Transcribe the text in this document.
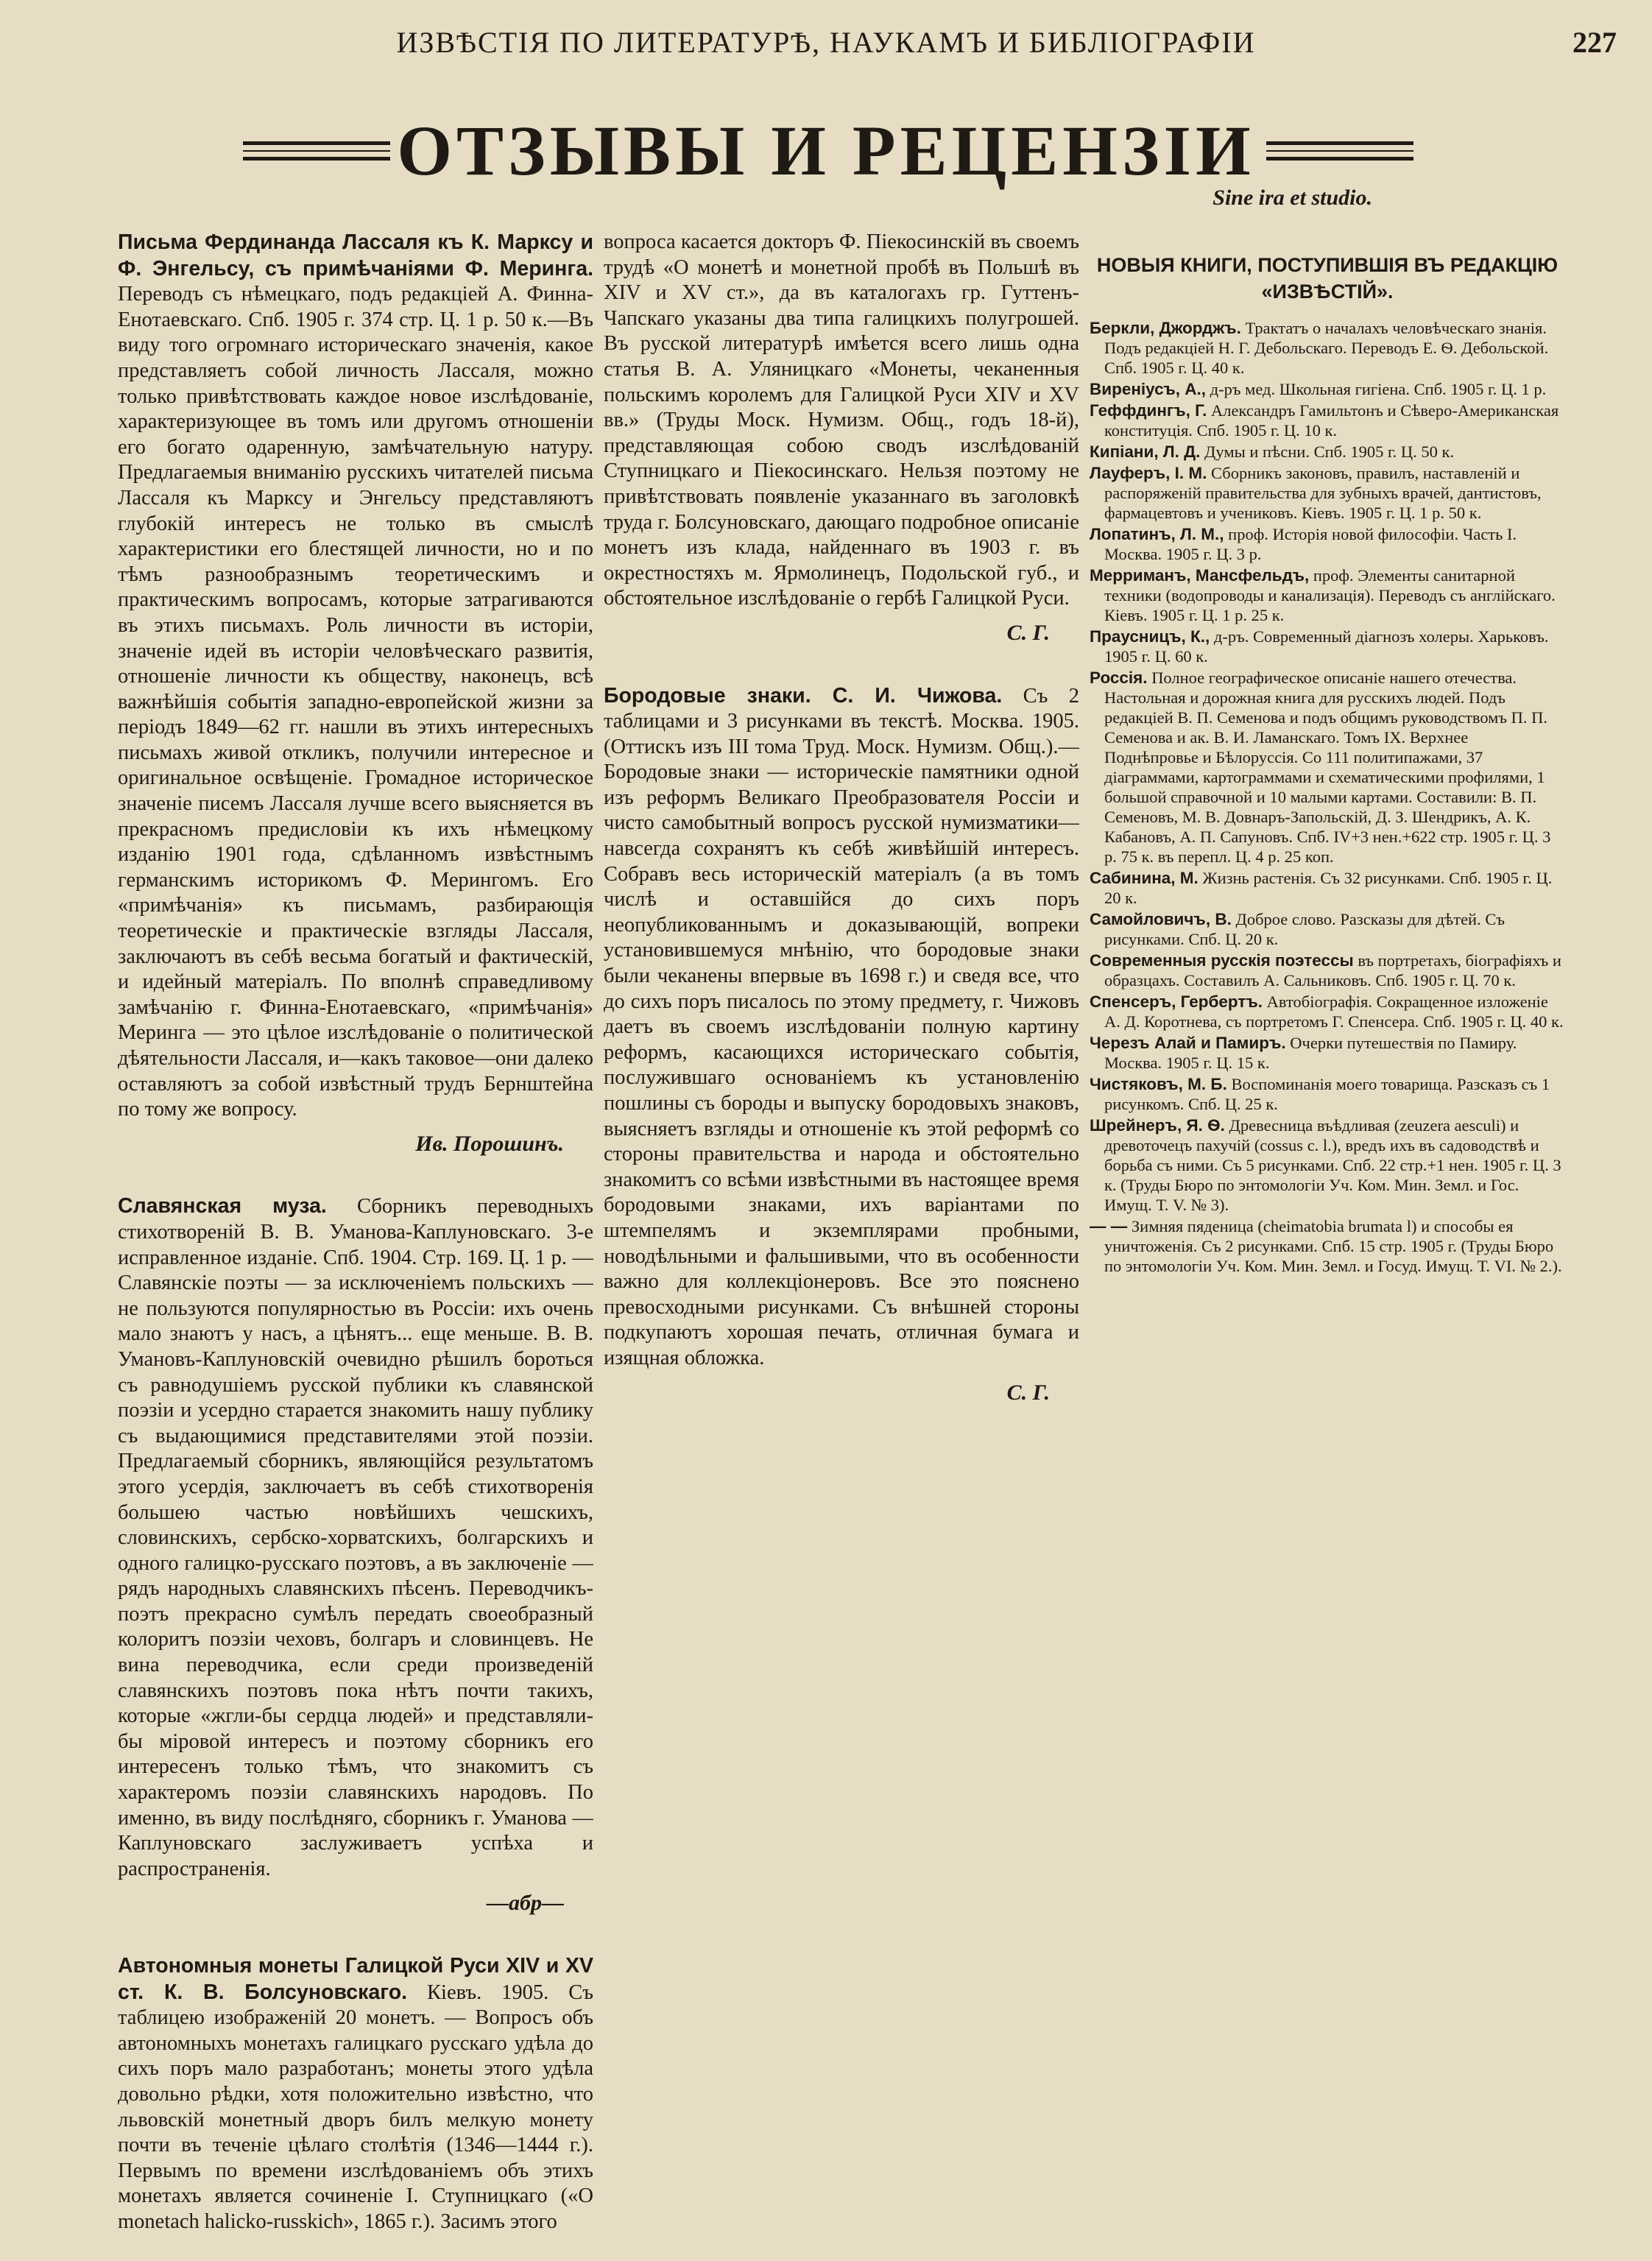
ИЗВѢСТІЯ ПО ЛИТЕРАТУРѢ, НАУКАМЪ И БИБЛІОГРАФІИ	227
ОТЗЫВЫ И РЕЦЕНЗІИ
Sine ira et studio.

Письма Фердинанда Лассаля къ К. Марксу и Ф. Энгельсу, съ примѣчаніями Ф. Меринга. Переводъ съ нѣмецкаго, подъ редакціей А. Финна-Енотаевскаго. Спб. 1905 г. 374 стр. Ц. 1 р. 50 к.—Въ виду того огромнаго историческаго значенія, какое представляетъ собой личность Лассаля, можно только привѣтствовать каждое новое изслѣдованіе, характеризующее въ томъ или другомъ отношеніи его богато одаренную, замѣчательную натуру. Предлагаемыя вниманію русскихъ читателей письма Лассаля къ Марксу и Энгельсу представляютъ глубокій интересъ не только въ смыслѣ характеристики его блестящей личности, но и по тѣмъ разнообразнымъ теоретическимъ и практическимъ вопросамъ, которые затрагиваются въ этихъ письмахъ. Роль личности въ исторіи, значеніе идей въ исторіи человѣческаго развитія, отношеніе личности къ обществу, наконецъ, всѣ важнѣйшія событія западно-европейской жизни за періодъ 1849—62 гг. нашли въ этихъ интересныхъ письмахъ живой откликъ, получили интересное и оригинальное освѣщеніе. Громадное историческое значеніе писемъ Лассаля лучше всего выясняется въ прекрасномъ предисловіи къ ихъ нѣмецкому изданію 1901 года, сдѣланномъ извѣстнымъ германскимъ историкомъ Ф. Мерингомъ. Его «примѣчанія» къ письмамъ, разбирающія теоретическіе и практическіе взгляды Лассаля, заключаютъ въ себѣ весьма богатый и фактическій, и идейный матеріалъ. По вполнѣ справедливому замѣчанію г. Финна-Енотаевскаго, «примѣчанія» Меринга — это цѣлое изслѣдованіе о политической дѣятельности Лассаля, и—какъ таковое—они далеко оставляютъ за собой извѣстный трудъ Бернштейна по тому же вопросу.

Ив. Порошинъ.

Славянская муза. Сборникъ переводныхъ стихотвореній В. В. Уманова-Каплуновскаго. 3-е исправленное изданіе. Спб. 1904. Стр. 169. Ц. 1 р. — Славянскіе поэты — за исключеніемъ польскихъ — не пользуются популярностью въ Россіи: ихъ очень мало знаютъ у насъ, а цѣнятъ... еще меньше. В. В. Умановъ-Каплуновскій очевидно рѣшилъ бороться съ равнодушіемъ русской публики къ славянской поэзіи и усердно старается знакомить нашу публику съ выдающимися представителями этой поэзіи. Предлагаемый сборникъ, являющійся результатомъ этого усердія, заключаетъ въ себѣ стихотворенія большею частью новѣйшихъ чешскихъ, словинскихъ, сербско-хорватскихъ, болгарскихъ и одного галицко-русскаго поэтовъ, а въ заключеніе — рядъ народныхъ славянскихъ пѣсенъ. Переводчикъ-поэтъ прекрасно сумѣлъ передать своеобразный колоритъ поэзіи чеховъ, болгаръ и словинцевъ. Не вина переводчика, если среди произведеній славянскихъ поэтовъ пока нѣтъ почти такихъ, которые «жгли-бы сердца людей» и представляли-бы міровой интересъ и поэтому сборникъ его интересенъ только тѣмъ, что знакомитъ съ характеромъ поэзіи славянскихъ народовъ. По именно, въ виду послѣдняго, сборникъ г. Уманова — Каплуновскаго заслуживаетъ успѣха и распространенія.

—абр—

Автономныя монеты Галицкой Руси XIV и XV ст. К. В. Болсуновскаго. Кіевъ. 1905. Съ таблицею изображеній 20 монетъ. — Вопросъ объ автономныхъ монетахъ галицкаго русскаго удѣла до сихъ поръ мало разработанъ; монеты этого удѣла довольно рѣдки, хотя положительно извѣстно, что львовскій монетный дворъ билъ мелкую монету почти въ теченіе цѣлаго столѣтія (1346—1444 г.). Первымъ по времени изслѣдованіемъ объ этихъ монетахъ является сочиненіе І. Ступницкаго («O monetach halicko-russkich», 1865 г.). Засимъ этого

вопроса касается докторъ Ф. Піекосинскій въ своемъ трудѣ «О монетѣ и монетной пробѣ въ Польшѣ въ XIV и XV ст.», да въ каталогахъ гр. Гуттенъ-Чапскаго указаны два типа галицкихъ полугрошей. Въ русской литературѣ имѣется всего лишь одна статья В. А. Уляницкаго «Монеты, чеканенныя польскимъ королемъ для Галицкой Руси XIV и XV вв.» (Труды Моск. Нумизм. Общ., годъ 18-й), представляющая собою сводъ изслѣдованій Ступницкаго и Піекосинскаго. Нельзя поэтому не привѣтствовать появленіе указаннаго въ заголовкѣ труда г. Болсуновскаго, дающаго подробное описаніе монетъ изъ клада, найденнаго въ 1903 г. въ окрестностяхъ м. Ярмолинецъ, Подольской губ., и обстоятельное изслѣдованіе о гербѣ Галицкой Руси.

С. Г.

Бородовые знаки. С. И. Чижова. Съ 2 таблицами и 3 рисунками въ текстѣ. Москва. 1905. (Оттискъ изъ III тома Труд. Моск. Нумизм. Общ.).— Бородовые знаки — историческіе памятники одной изъ реформъ Великаго Преобразователя Россіи и чисто самобытный вопросъ русской нумизматики—навсегда сохранятъ къ себѣ живѣйшій интересъ. Собравъ весь историческій матеріалъ (а въ томъ числѣ и оставшійся до сихъ поръ неопубликованнымъ и доказывающій, вопреки установившемуся мнѣнію, что бородовые знаки были чеканены впервые въ 1698 г.) и сведя все, что до сихъ поръ писалось по этому предмету, г. Чижовъ даетъ въ своемъ изслѣдованіи полную картину реформъ, касающихся историческаго событія, послужившаго основаніемъ къ установленію пошлины съ бороды и выпуску бородовыхъ знаковъ, выясняетъ взгляды и отношеніе къ этой реформѣ со стороны правительства и народа и обстоятельно знакомитъ со всѣми извѣстными въ настоящее время бородовыми знаками, ихъ варіантами по штемпелямъ и экземплярами пробными, новодѣльными и фальшивыми, что въ особенности важно для коллекціонеровъ. Все это пояснено превосходными рисунками. Съ внѣшней стороны подкупаютъ хорошая печать, отличная бумага и изящная обложка.

С. Г.
НОВЫЯ КНИГИ, ПОСТУПИВШІЯ ВЪ РЕДАКЦІЮ «ИЗВѢСТІЙ».

Беркли, Джорджъ. Трактатъ о началахъ человѣческаго знанія. Подъ редакціей Н. Г. Дебольскаго. Переводъ Е. Ѳ. Дебольской. Спб. 1905 г. Ц. 40 к.

Виренiусъ, А., д-ръ мед. Школьная гигіена. Спб. 1905 г. Ц. 1 р.

Геффдингъ, Г. Александръ Гамильтонъ и Сѣверо-Американская конституція. Спб. 1905 г. Ц. 10 к.

Кипіани, Л. Д. Думы и пѣсни. Спб. 1905 г. Ц. 50 к.

Лауферъ, І. М. Сборникъ законовъ, правилъ, наставленій и распоряженій правительства для зубныхъ врачей, дантистовъ, фармацевтовъ и учениковъ. Кіевъ. 1905 г. Ц. 1 р. 50 к.

Лопатинъ, Л. М., проф. Исторія новой философіи. Часть I. Москва. 1905 г. Ц. 3 р.

Мерриманъ, Мансфельдъ, проф. Элементы санитарной техники (водопроводы и канализація). Переводъ съ англійскаго. Кіевъ. 1905 г. Ц. 1 р. 25 к.

Праусницъ, К., д-ръ. Современный діагнозъ холеры. Харьковъ. 1905 г. Ц. 60 к.

Россія. Полное географическое описаніе нашего отечества. Настольная и дорожная книга для русскихъ людей. Подъ редакціей В. П. Семенова и подъ общимъ руководствомъ П. П. Семенова и ак. В. И. Ламанскаго. Томъ IX. Верхнее Поднѣпровье и Бѣлоруссія. Со 111 политипажами, 37 діаграммами, картограммами и схематическими профилями, 1 большой справочной и 10 малыми картами. Составили: В. П. Семеновъ, М. В. Довнаръ-Запольскій, Д. З. Шендрикъ, А. К. Кабановъ, А. П. Сапуновъ. Спб. IV+3 нен.+622 стр. 1905 г. Ц. 3 р. 75 к. въ перепл. Ц. 4 р. 25 коп.

Сабинина, М. Жизнь растенія. Съ 32 рисунками. Спб. 1905 г. Ц. 20 к.

Самойловичъ, В. Доброе слово. Разсказы для дѣтей. Съ рисунками. Спб. Ц. 20 к.

Современныя русскія поэтессы въ портретахъ, біографіяхъ и образцахъ. Составилъ А. Сальниковъ. Спб. 1905 г. Ц. 70 к.

Спенсеръ, Гербертъ. Автобіографія. Сокращенное изложеніе А. Д. Коротнева, съ портретомъ Г. Спенсера. Спб. 1905 г. Ц. 40 к.

Черезъ Алай и Памиръ. Очерки путешествія по Памиру. Москва. 1905 г. Ц. 15 к.

Чистяковъ, М. Б. Воспоминанія моего товарища. Разсказъ съ 1 рисункомъ. Спб. Ц. 25 к.

Шрейнеръ, Я. Ѳ. Древесница въѣдливая (zeuzera aesculi) и древоточецъ пахучій (cossus c. l.), вредъ ихъ въ садоводствѣ и борьба съ ними. Съ 5 рисунками. Спб. 22 стр.+1 нен. 1905 г. Ц. 3 к. (Труды Бюро по энтомологіи Уч. Ком. Мин. Земл. и Гос. Имущ. Т. V. № 3).

— — Зимняя пяденица (cheimatobia brumata l) и способы ея уничтоженія. Съ 2 рисунками. Спб. 15 стр. 1905 г. (Труды Бюро по энтомологіи Уч. Ком. Мин. Земл. и Госуд. Имущ. Т. VI. № 2.).
